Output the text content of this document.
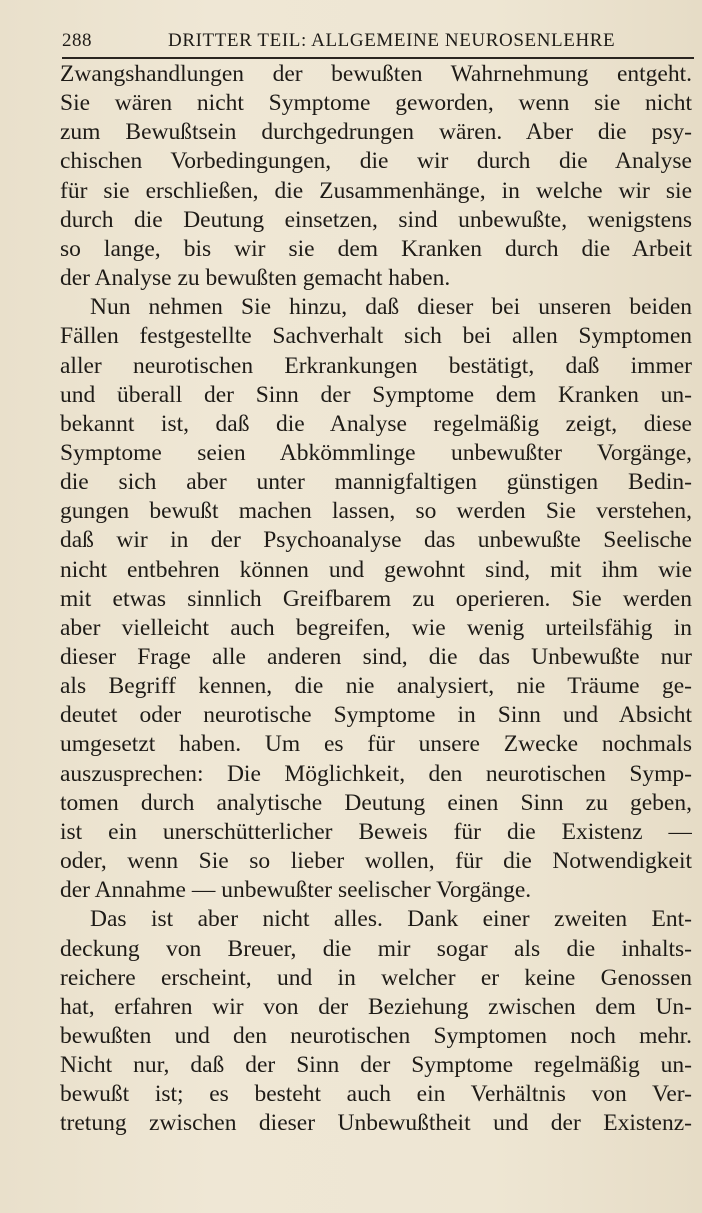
288	DRITTER TEIL: ALLGEMEINE NEUROSENLEHRE
Zwangshandlungen der bewußten Wahrnehmung entgeht.
Sie wären nicht Symptome geworden, wenn sie nicht
zum Bewußtsein durchgedrungen wären. Aber die psy-
chischen Vorbedingungen, die wir durch die Analyse
für sie erschließen, die Zusammenhänge, in welche wir sie
durch die Deutung einsetzen, sind unbewußte, wenigstens
so lange, bis wir sie dem Kranken durch die Arbeit
der Analyse zu bewußten gemacht haben.
Nun nehmen Sie hinzu, daß dieser bei unseren beiden
Fällen festgestellte Sachverhalt sich bei allen Symptomen
aller neurotischen Erkrankungen bestätigt, daß immer
und überall der Sinn der Symptome dem Kranken un-
bekannt ist, daß die Analyse regelmäßig zeigt, diese
Symptome seien Abkömmlinge unbewußter Vorgänge,
die sich aber unter mannigfaltigen günstigen Bedin-
gungen bewußt machen lassen, so werden Sie verstehen,
daß wir in der Psychoanalyse das unbewußte Seelische
nicht entbehren können und gewohnt sind, mit ihm wie
mit etwas sinnlich Greifbarem zu operieren. Sie werden
aber vielleicht auch begreifen, wie wenig urteilsfähig in
dieser Frage alle anderen sind, die das Unbewußte nur
als Begriff kennen, die nie analysiert, nie Träume ge-
deutet oder neurotische Symptome in Sinn und Absicht
umgesetzt haben. Um es für unsere Zwecke nochmals
auszusprechen: Die Möglichkeit, den neurotischen Symp-
tomen durch analytische Deutung einen Sinn zu geben,
ist ein unerschütterlicher Beweis für die Existenz —
oder, wenn Sie so lieber wollen, für die Notwendigkeit
der Annahme — unbewußter seelischer Vorgänge.
Das ist aber nicht alles. Dank einer zweiten Ent-
deckung von Breuer, die mir sogar als die inhalts-
reichere erscheint, und in welcher er keine Genossen
hat, erfahren wir von der Beziehung zwischen dem Un-
bewußten und den neurotischen Symptomen noch mehr.
Nicht nur, daß der Sinn der Symptome regelmäßig un-
bewußt ist; es besteht auch ein Verhältnis von Ver-
tretung zwischen dieser Unbewußtheit und der Existenz-
